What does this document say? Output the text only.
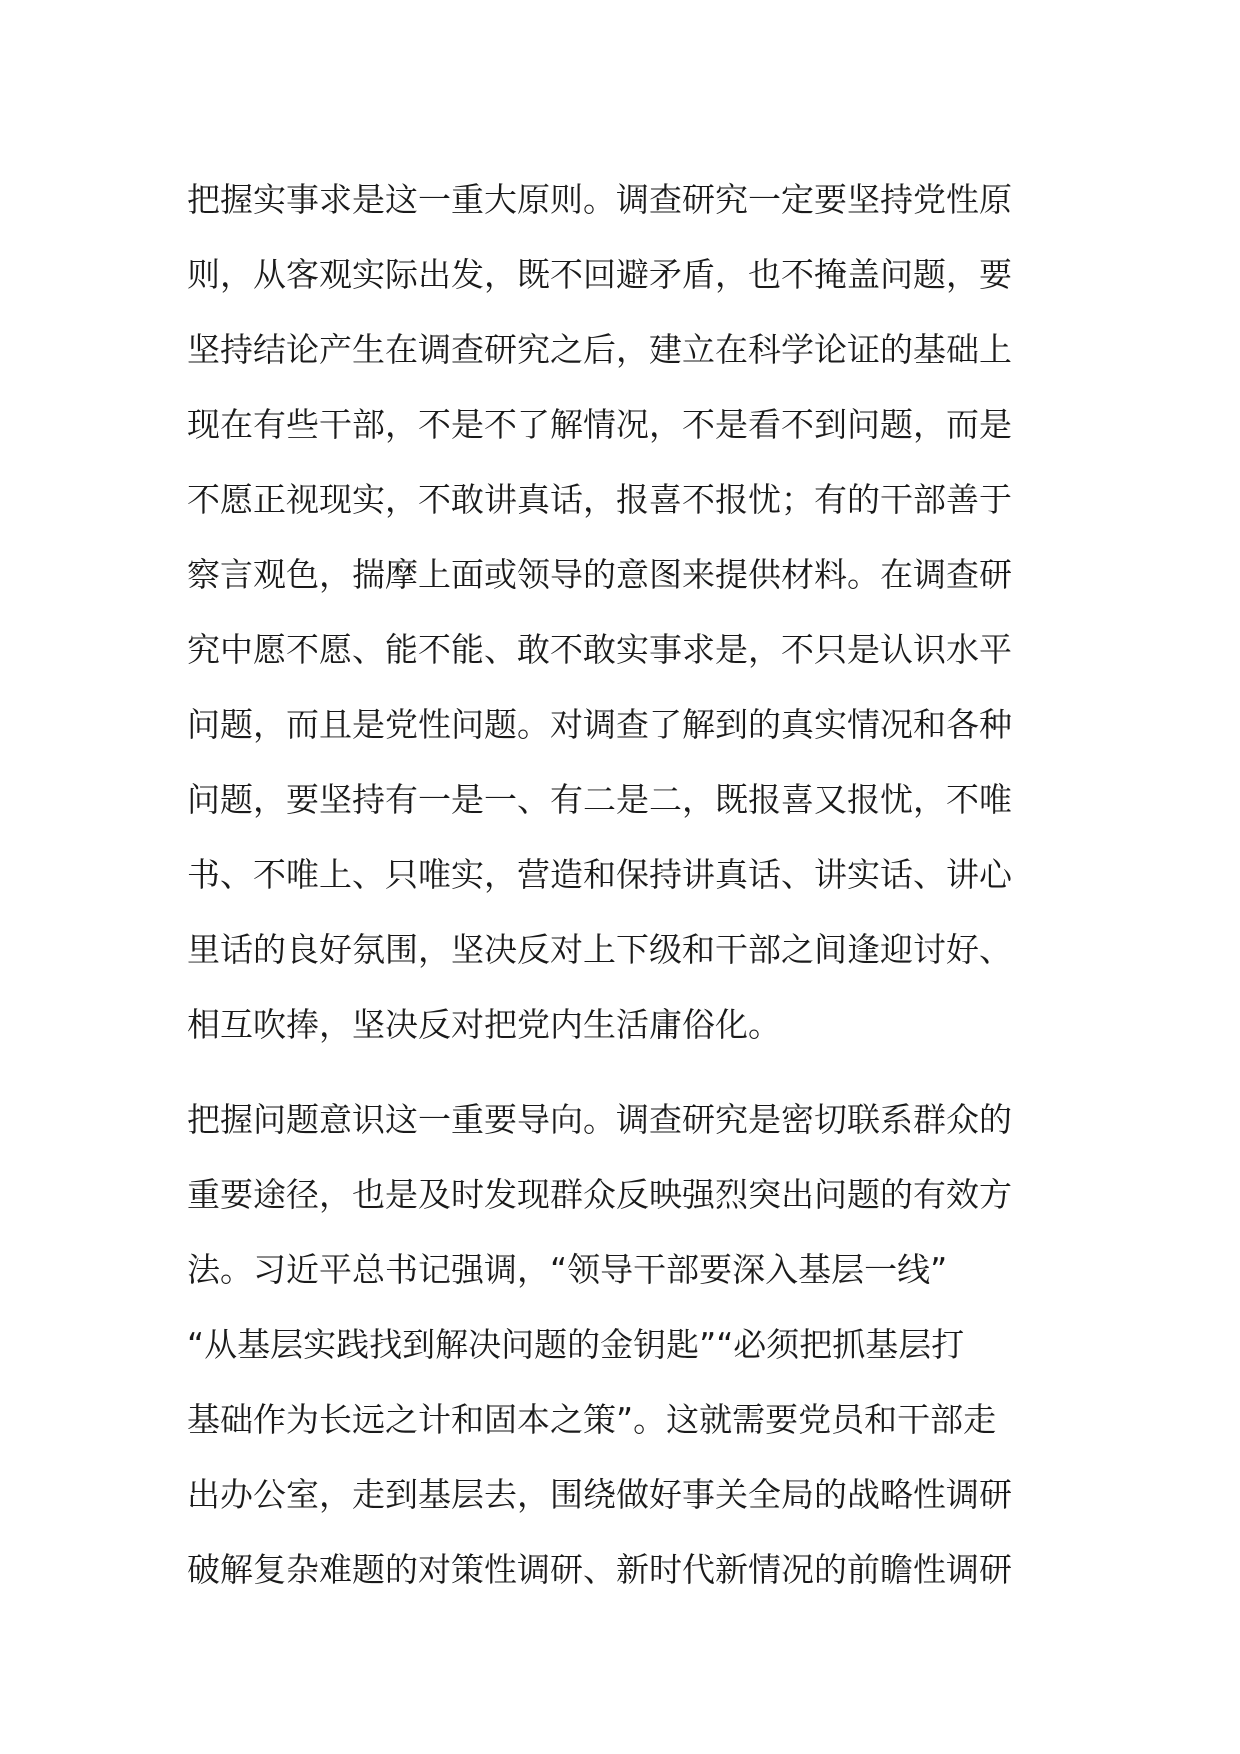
把握实事求是这一重大原则。调查研究一定要坚持党性原
则，从客观实际出发，既不回避矛盾，也不掩盖问题，要
坚持结论产生在调查研究之后，建立在科学论证的基础上
现在有些干部，不是不了解情况，不是看不到问题，而是
不愿正视现实，不敢讲真话，报喜不报忧；有的干部善于
察言观色，揣摩上面或领导的意图来提供材料。在调查研
究中愿不愿、能不能、敢不敢实事求是，不只是认识水平
问题，而且是党性问题。对调查了解到的真实情况和各种
问题，要坚持有一是一、有二是二，既报喜又报忧，不唯
书、不唯上、只唯实，营造和保持讲真话、讲实话、讲心
里话的良好氛围，坚决反对上下级和干部之间逢迎讨好、
相互吹捧，坚决反对把党内生活庸俗化。
把握问题意识这一重要导向。调查研究是密切联系群众的
重要途径，也是及时发现群众反映强烈突出问题的有效方
法。习近平总书记强调，“领导干部要深入基层一线”
“从基层实践找到解决问题的金钥匙”“必须把抓基层打
基础作为长远之计和固本之策”。这就需要党员和干部走
出办公室，走到基层去，围绕做好事关全局的战略性调研
破解复杂难题的对策性调研、新时代新情况的前瞻性调研
